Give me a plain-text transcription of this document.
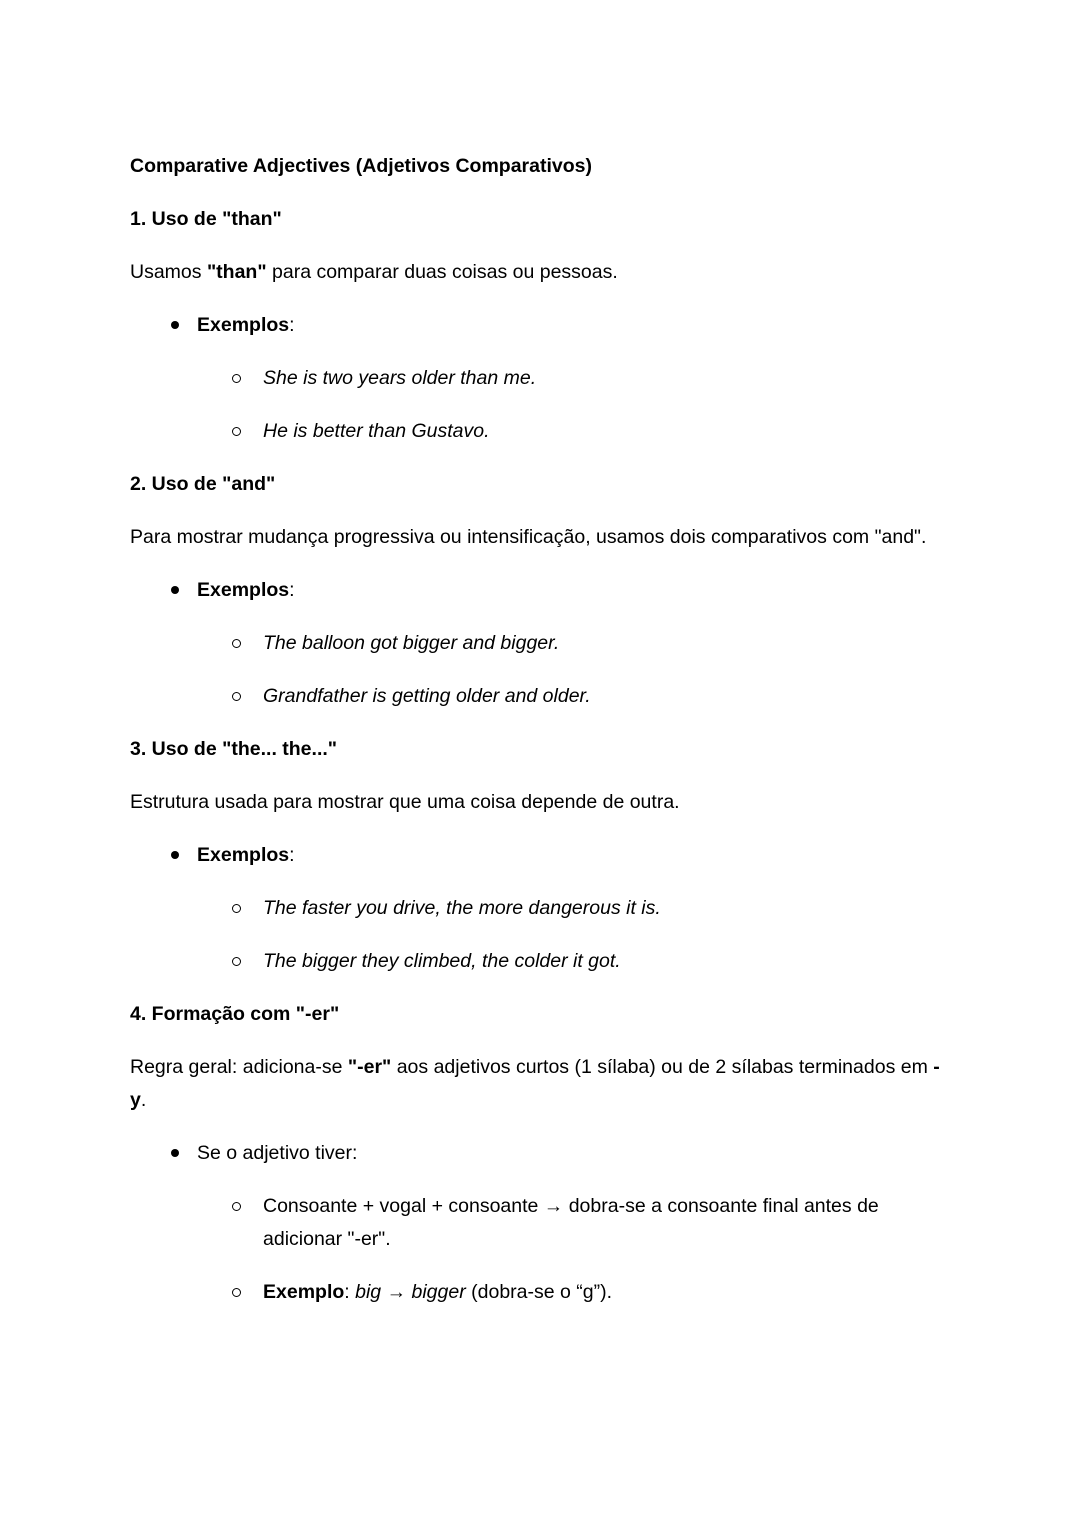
Comparative Adjectives (Adjetivos Comparativos)
1. Uso de "than"
Usamos "than" para comparar duas coisas ou pessoas.
Exemplos:
She is two years older than me.
He is better than Gustavo.
2. Uso de "and"
Para mostrar mudança progressiva ou intensificação, usamos dois comparativos com "and".
Exemplos:
The balloon got bigger and bigger.
Grandfather is getting older and older.
3. Uso de "the... the..."
Estrutura usada para mostrar que uma coisa depende de outra.
Exemplos:
The faster you drive, the more dangerous it is.
The bigger they climbed, the colder it got.
4. Formação com "-er"
Regra geral: adiciona-se "-er" aos adjetivos curtos (1 sílaba) ou de 2 sílabas terminados em -y.
Se o adjetivo tiver:
Consoante + vogal + consoante → dobra-se a consoante final antes de adicionar "-er".
Exemplo: big → bigger (dobra-se o “g”).
